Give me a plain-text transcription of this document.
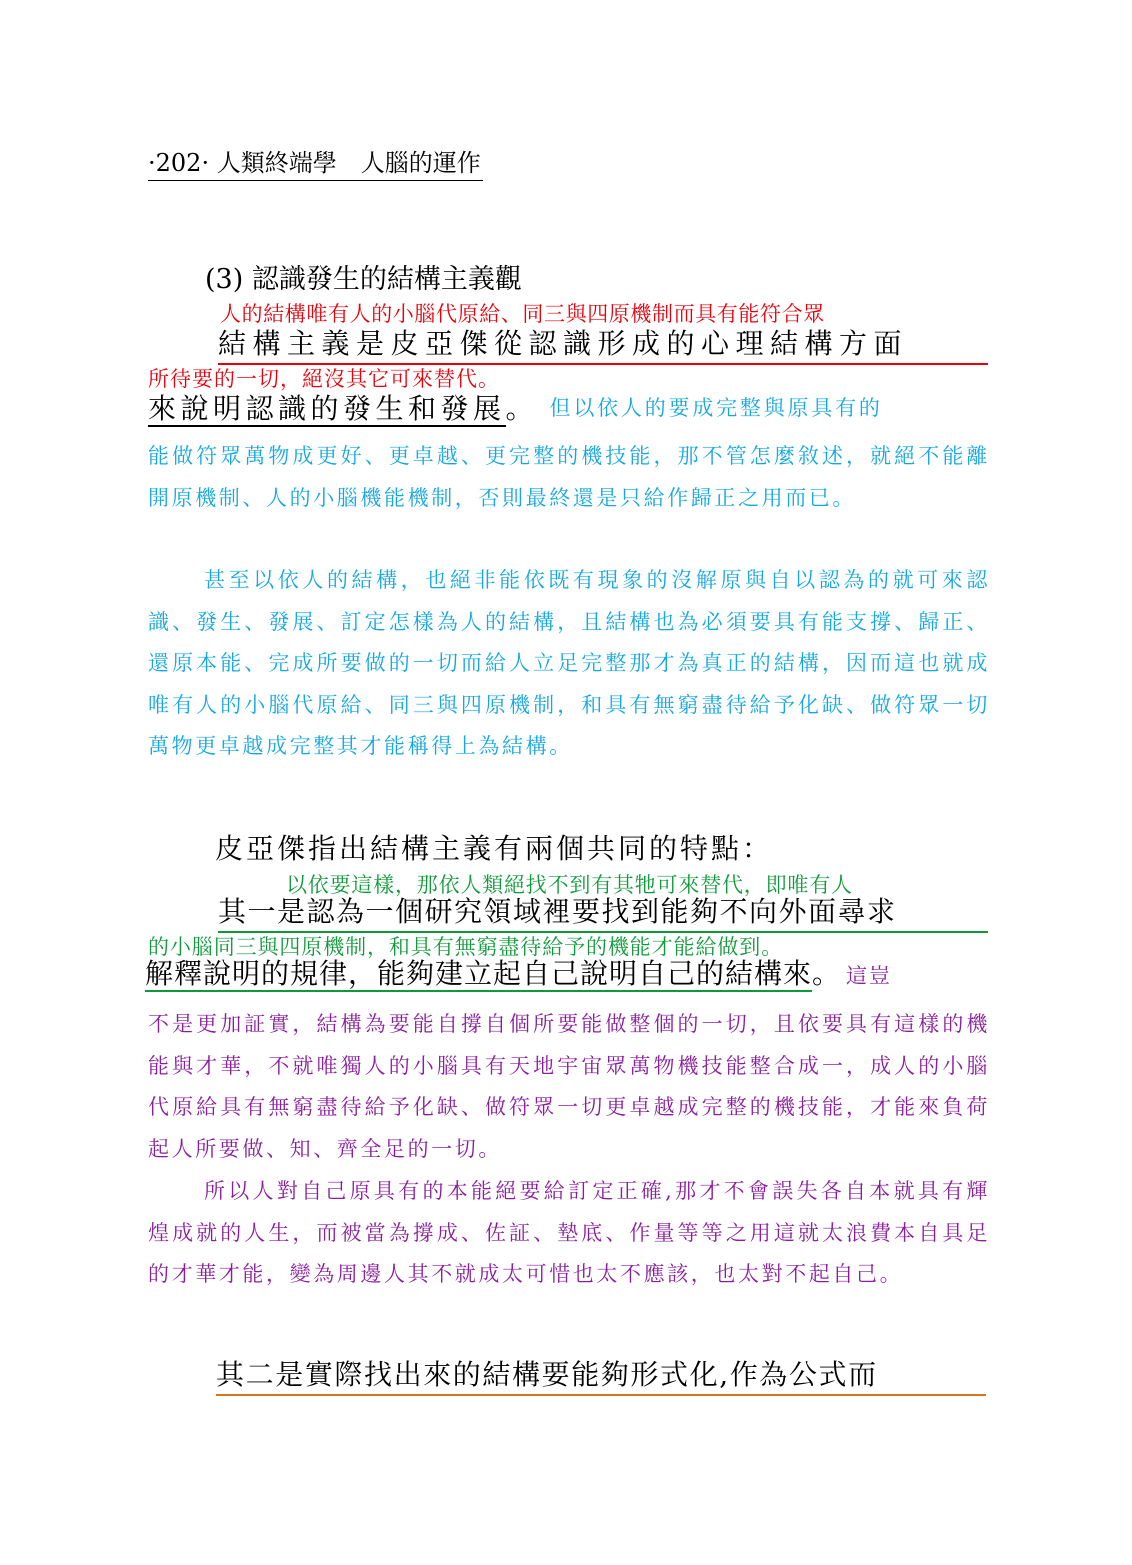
·202· 人類終端學　人腦的運作
(3) 認識發生的結構主義觀
人的結構唯有人的小腦代原給、同三與四原機制而具有能符合眾
結構主義是皮亞傑從認識形成的心理結構方面
所待要的一切，絕沒其它可來替代。
來說明認識的發生和發展。 但以依人的要成完整與原具有的
能做符眾萬物成更好、更卓越、更完整的機技能，那不管怎麼敘述，就絕不能離開原機制、人的小腦機能機制，否則最終還是只給作歸正之用而已。
甚至以依人的結構，也絕非能依既有現象的沒解原與自以認為的就可來認識、發生、發展、訂定怎樣為人的結構，且結構也為必須要具有能支撐、歸正、還原本能、完成所要做的一切而給人立足完整那才為真正的結構，因而這也就成唯有人的小腦代原給、同三與四原機制，和具有無窮盡待給予化缺、做符眾一切萬物更卓越成完整其才能稱得上為結構。
皮亞傑指出結構主義有兩個共同的特點：
以依要這樣，那依人類絕找不到有其牠可來替代，即唯有人
其一是認為一個研究領域裡要找到能夠不向外面尋求
的小腦同三與四原機制，和具有無窮盡待給予的機能才能給做到。
解釋說明的規律，能夠建立起自己說明自己的結構來。 這豈
不是更加証實，結構為要能自撐自個所要能做整個的一切，且依要具有這樣的機能與才華，不就唯獨人的小腦具有天地宇宙眾萬物機技能整合成一，成人的小腦代原給具有無窮盡待給予化缺、做符眾一切更卓越成完整的機技能，才能來負荷起人所要做、知、齊全足的一切。
所以人對自己原具有的本能絕要給訂定正確,那才不會誤失各自本就具有輝煌成就的人生，而被當為撐成、佐証、墊底、作量等等之用這就太浪費本自具足的才華才能，變為周邊人其不就成太可惜也太不應該，也太對不起自己。
其二是實際找出來的結構要能夠形式化,作為公式而
